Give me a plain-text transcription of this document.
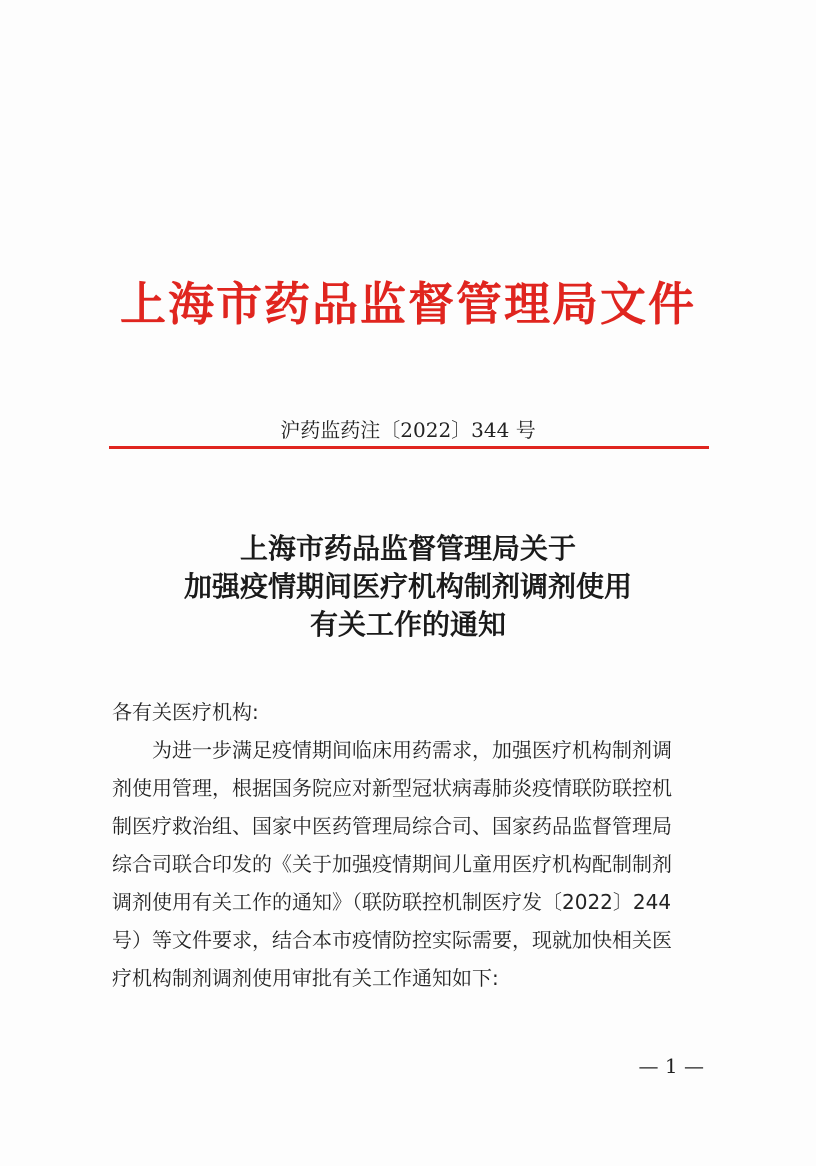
上海市药品监督管理局文件
沪药监药注〔2022〕344 号
上海市药品监督管理局关于
加强疫情期间医疗机构制剂调剂使用
有关工作的通知
各有关医疗机构:
为进一步满足疫情期间临床用药需求，加强医疗机构制剂调
剂使用管理，根据国务院应对新型冠状病毒肺炎疫情联防联控机
制医疗救治组、国家中医药管理局综合司、国家药品监督管理局
综合司联合印发的《关于加强疫情期间儿童用医疗机构配制制剂
调剂使用有关工作的通知》（联防联控机制医疗发〔2022〕244
号）等文件要求，结合本市疫情防控实际需要，现就加快相关医
疗机构制剂调剂使用审批有关工作通知如下:
— 1 —
